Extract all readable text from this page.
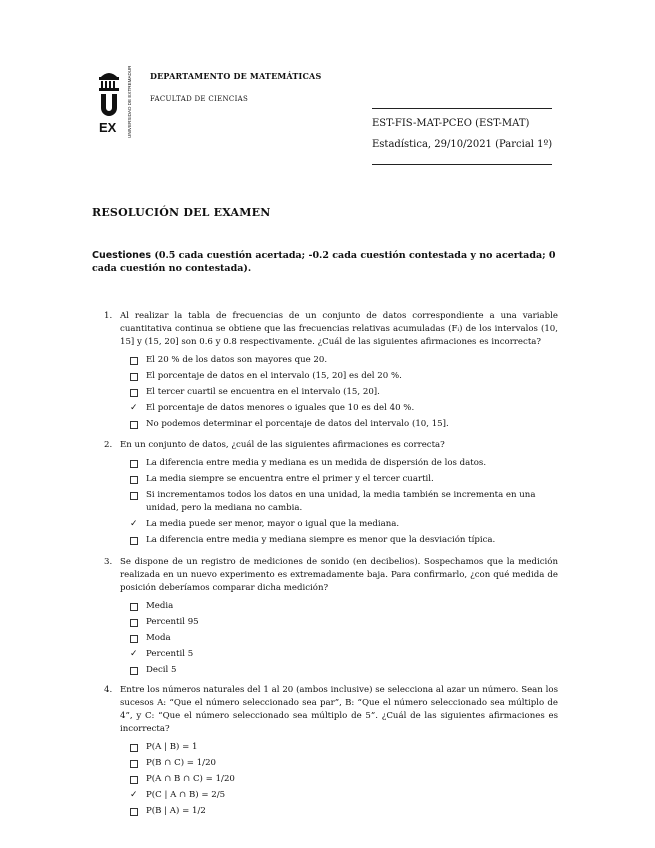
EX UNIVERSIDAD DE EXTREMADURA DEPARTAMENTO DE MATEMÁTICAS
FACULTAD DE CIENCIAS
EST-FIS-MAT-PCEO (EST-MAT)
Estadística, 29/10/2021 (Parcial 1º)
RESOLUCIÓN DEL EXAMEN
Cuestiones (0.5 cada cuestión acertada; -0.2 cada cuestión contestada y no acertada; 0 cada cuestión no contestada).
1. Al realizar la tabla de frecuencias de un conjunto de datos correspondiente a una variable cuantitativa continua se obtiene que las frecuencias relativas acumuladas (Fᵢ) de los intervalos (10, 15] y (15, 20] son 0.6 y 0.8 respectivamente. ¿Cuál de las siguientes afirmaciones es incorrecta?
El 20 % de los datos son mayores que 20.
El porcentaje de datos en el intervalo (15, 20] es del 20 %.
El tercer cuartil se encuentra en el intervalo (15, 20].
✓ El porcentaje de datos menores o iguales que 10 es del 40 %.
No podemos determinar el porcentaje de datos del intervalo (10, 15].
2. En un conjunto de datos, ¿cuál de las siguientes afirmaciones es correcta?
La diferencia entre media y mediana es un medida de dispersión de los datos.
La media siempre se encuentra entre el primer y el tercer cuartil.
Si incrementamos todos los datos en una unidad, la media también se incrementa en una unidad, pero la mediana no cambia.
✓ La media puede ser menor, mayor o igual que la mediana.
La diferencia entre media y mediana siempre es menor que la desviación típica.
3. Se dispone de un registro de mediciones de sonido (en decibelios). Sospechamos que la medición realizada en un nuevo experimento es extremadamente baja. Para confirmarlo, ¿con qué medida de posición deberíamos comparar dicha medición?
Media
Percentil 95
Moda
✓ Percentil 5
Decil 5
4. Entre los números naturales del 1 al 20 (ambos inclusive) se selecciona al azar un número. Sean los sucesos A: “Que el número seleccionado sea par”, B: “Que el número seleccionado sea múltiplo de 4”, y C: “Que el número seleccionado sea múltiplo de 5”. ¿Cuál de las siguientes afirmaciones es incorrecta?
P(A | B) = 1
P(B ∩ C) = 1/20
P(A ∩ B ∩ C) = 1/20
✓ P(C | A ∩ B) = 2/5
P(B | A) = 1/2
